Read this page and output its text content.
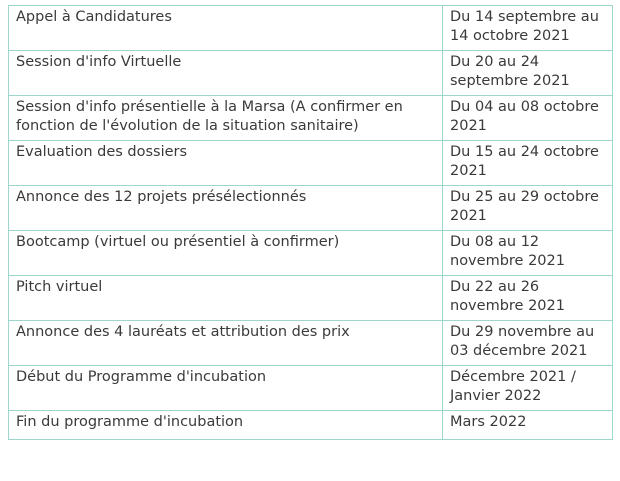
Appel à Candidatures	Du 14 septembre au 14 octobre 2021
Session d'info Virtuelle	Du 20 au 24 septembre 2021
Session d'info présentielle à la Marsa (A confirmer en fonction de l'évolution de la situation sanitaire)	Du 04 au 08 octobre 2021
Evaluation des dossiers	Du 15 au 24 octobre 2021
Annonce des 12 projets présélectionnés	Du 25 au 29 octobre 2021
Bootcamp (virtuel ou présentiel à confirmer)	Du 08 au 12 novembre 2021
Pitch virtuel	Du 22 au 26 novembre 2021
Annonce des 4 lauréats et attribution des prix	Du 29 novembre au 03 décembre 2021
Début du Programme d'incubation	Décembre 2021 / Janvier 2022
Fin du programme d'incubation	Mars 2022
